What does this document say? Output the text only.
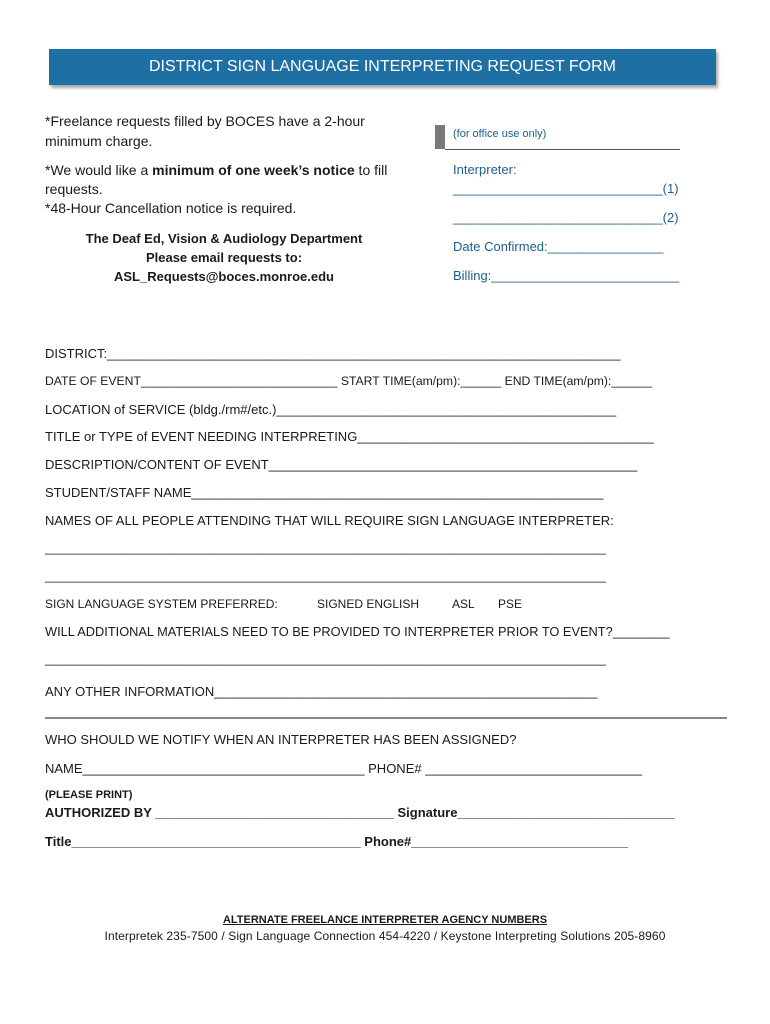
DISTRICT SIGN LANGUAGE INTERPRETING REQUEST FORM
*Freelance requests filled by BOCES have a 2-hour
minimum charge.
*We would like a minimum of one week’s notice to fill
requests.
*48-Hour Cancellation notice is required.
The Deaf Ed, Vision & Audiology Department
Please email requests to:
ASL_Requests@boces.monroe.edu
(for office use only)
Interpreter:
_____________________________(1)
_____________________________(2)
Date Confirmed:________________
Billing:__________________________
DISTRICT:_______________________________________________________________________
DATE OF EVENT_____________________________ START TIME(am/pm):______ END TIME(am/pm):______
LOCATION of SERVICE (bldg./rm#/etc.)_______________________________________________
TITLE or TYPE of EVENT NEEDING INTERPRETING_________________________________________
DESCRIPTION/CONTENT OF EVENT___________________________________________________
STUDENT/STAFF NAME_________________________________________________________
NAMES OF ALL PEOPLE ATTENDING THAT WILL REQUIRE SIGN LANGUAGE INTERPRETER:
__________________________________________________________________________________
__________________________________________________________________________________
SIGN LANGUAGE SYSTEM PREFERRED:	SIGNED ENGLISH	ASL PSE
WILL ADDITIONAL MATERIALS NEED TO BE PROVIDED TO INTERPRETER PRIOR TO EVENT?________
__________________________________________________________________________________
ANY OTHER INFORMATION_____________________________________________________
WHO SHOULD WE NOTIFY WHEN AN INTERPRETER HAS BEEN ASSIGNED?
NAME_______________________________________ PHONE# ______________________________
(PLEASE PRINT)
AUTHORIZED BY _________________________________ Signature______________________________
Title________________________________________ Phone#______________________________
ALTERNATE FREELANCE INTERPRETER AGENCY NUMBERS
Interpretek 235-7500 / Sign Language Connection 454-4220 / Keystone Interpreting Solutions 205-8960
